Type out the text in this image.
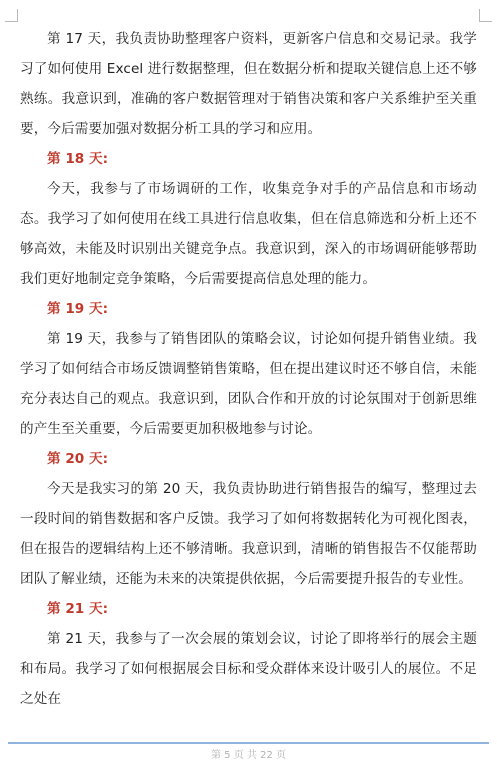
第 17 天，我负责协助整理客户资料，更新客户信息和交易记录。我学习了如何使用 Excel 进行数据整理，但在数据分析和提取关键信息上还不够熟练。我意识到，准确的客户数据管理对于销售决策和客户关系维护至关重要，今后需要加强对数据分析工具的学习和应用。

第 18 天:

今天，我参与了市场调研的工作，收集竞争对手的产品信息和市场动态。我学习了如何使用在线工具进行信息收集，但在信息筛选和分析上还不够高效，未能及时识别出关键竞争点。我意识到，深入的市场调研能够帮助我们更好地制定竞争策略，今后需要提高信息处理的能力。

第 19 天:

第 19 天，我参与了销售团队的策略会议，讨论如何提升销售业绩。我学习了如何结合市场反馈调整销售策略，但在提出建议时还不够自信，未能充分表达自己的观点。我意识到，团队合作和开放的讨论氛围对于创新思维的产生至关重要，今后需要更加积极地参与讨论。

第 20 天:

今天是我实习的第 20 天，我负责协助进行销售报告的编写，整理过去一段时间的销售数据和客户反馈。我学习了如何将数据转化为可视化图表，但在报告的逻辑结构上还不够清晰。我意识到，清晰的销售报告不仅能帮助团队了解业绩，还能为未来的决策提供依据，今后需要提升报告的专业性。

第 21 天:

第 21 天，我参与了一次会展的策划会议，讨论了即将举行的展会主题和布局。我学习了如何根据展会目标和受众群体来设计吸引人的展位。不足之处在

第 5 页 共 22 页
